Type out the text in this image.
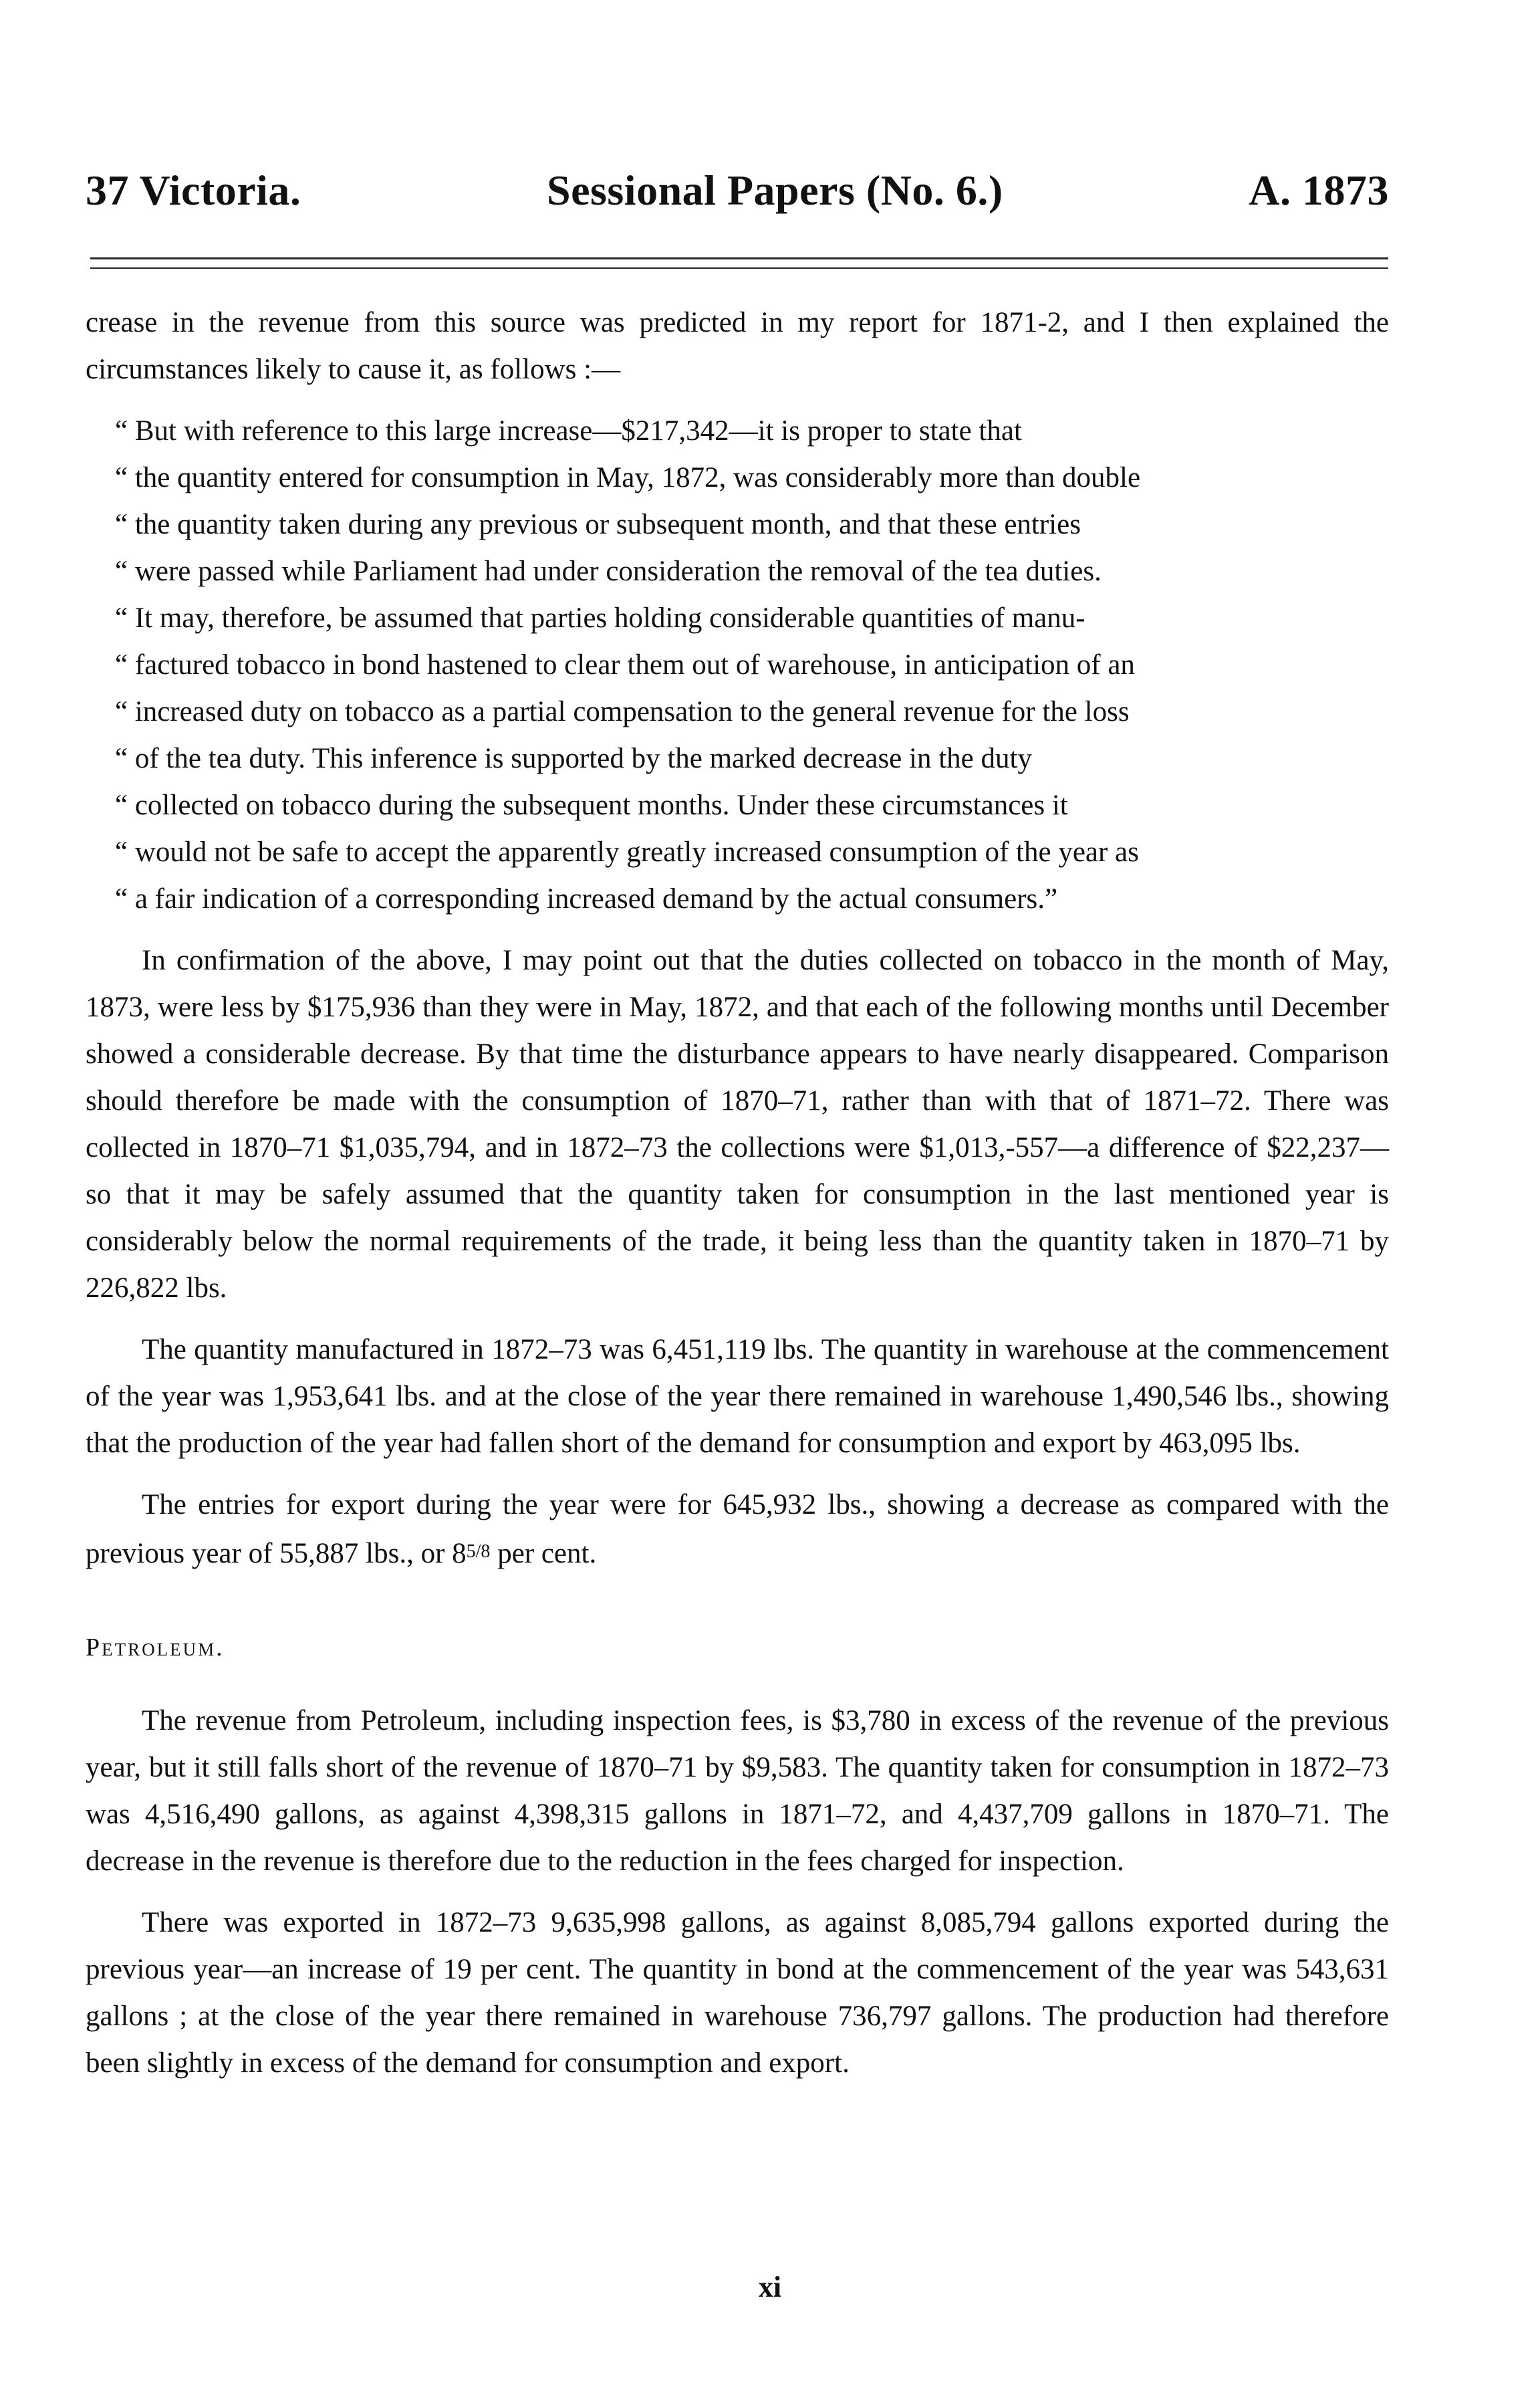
37 Victoria.	Sessional Papers (No. 6.)	A. 1873

crease in the revenue from this source was predicted in my report for 1871-2, and I then explained the circumstances likely to cause it, as follows :—

“ But with reference to this large increase—$217,342—it is proper to state that
“ the quantity entered for consumption in May, 1872, was considerably more than double
“ the quantity taken during any previous or subsequent month, and that these entries
“ were passed while Parliament had under consideration the removal of the tea duties.
“ It may, therefore, be assumed that parties holding considerable quantities of manu-
“ factured tobacco in bond hastened to clear them out of warehouse, in anticipation of an
“ increased duty on tobacco as a partial compensation to the general revenue for the loss
“ of the tea duty. This inference is supported by the marked decrease in the duty
“ collected on tobacco during the subsequent months. Under these circumstances it
“ would not be safe to accept the apparently greatly increased consumption of the year as
“ a fair indication of a corresponding increased demand by the actual consumers.”

In confirmation of the above, I may point out that the duties collected on tobacco in the month of May, 1873, were less by $175,936 than they were in May, 1872, and that each of the following months until December showed a considerable decrease. By that time the disturbance appears to have nearly disappeared. Comparison should therefore be made with the consumption of 1870–71, rather than with that of 1871–72. There was collected in 1870–71 $1,035,794, and in 1872–73 the collections were $1,013,-557—a difference of $22,237—so that it may be safely assumed that the quantity taken for consumption in the last mentioned year is considerably below the normal requirements of the trade, it being less than the quantity taken in 1870–71 by 226,822 lbs.

The quantity manufactured in 1872–73 was 6,451,119 lbs. The quantity in warehouse at the commencement of the year was 1,953,641 lbs. and at the close of the year there remained in warehouse 1,490,546 lbs., showing that the production of the year had fallen short of the demand for consumption and export by 463,095 lbs.

The entries for export during the year were for 645,932 lbs., showing a decrease as compared with the previous year of 55,887 lbs., or 85/8 per cent.

Petroleum.

The revenue from Petroleum, including inspection fees, is $3,780 in excess of the revenue of the previous year, but it still falls short of the revenue of 1870–71 by $9,583. The quantity taken for consumption in 1872–73 was 4,516,490 gallons, as against 4,398,315 gallons in 1871–72, and 4,437,709 gallons in 1870–71. The decrease in the revenue is therefore due to the reduction in the fees charged for inspection.

There was exported in 1872–73 9,635,998 gallons, as against 8,085,794 gallons exported during the previous year—an increase of 19 per cent. The quantity in bond at the commencement of the year was 543,631 gallons ; at the close of the year there remained in warehouse 736,797 gallons. The production had therefore been slightly in excess of the demand for consumption and export.

xi
